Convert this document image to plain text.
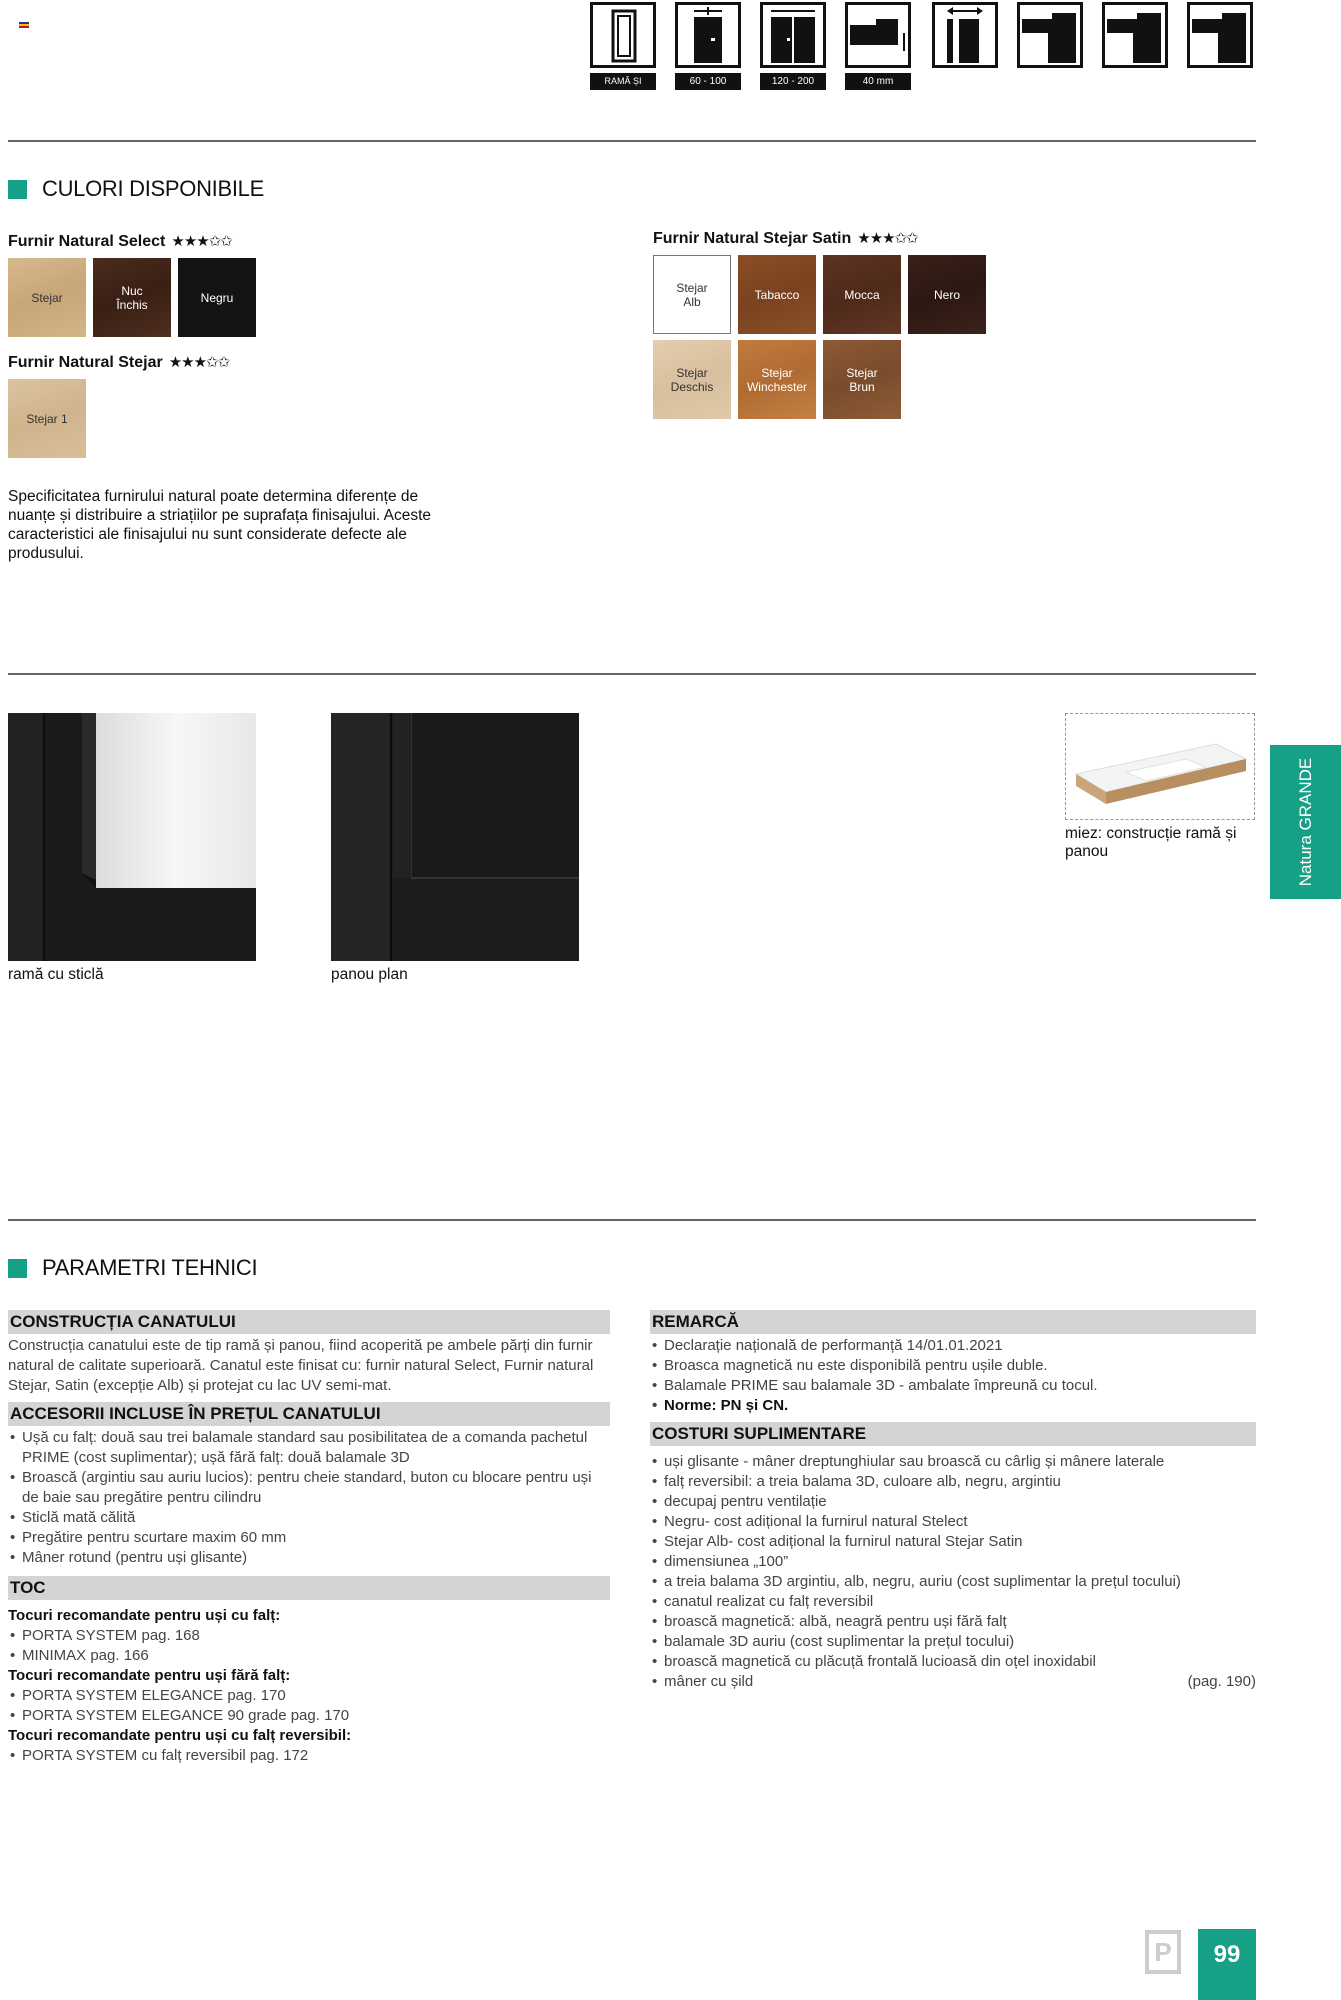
RAMĂ ȘI PANOU
60 - 100	120 - 200	40 mm
CULORI DISPONIBILE
Furnir Natural Select ★★★✩✩
Stejar	Nuc
Închis	Negru
Furnir Natural Stejar ★★★✩✩
Stejar 1
Furnir Natural Stejar Satin ★★★✩✩
Stejar
Alb	Tabacco	Mocca	Nero
Stejar
Deschis
Stejar
Winchester
Stejar
Brun
Specificitatea furnirului natural poate determina diferențe de nuanțe și distribuire a striațiilor pe suprafața finisajului. Aceste caracteristici ale finisajului nu sunt considerate defecte ale produsului.
ramă cu sticlă	panou plan
miez: construcție ramă și panou	Natura GRANDE
PARAMETRI TEHNICI
CONSTRUCȚIA CANATULUI
Construcția canatului este de tip ramă și panou, fiind acoperită pe ambele părți din furnir natural de calitate superioară. Canatul este finisat cu: furnir natural Select, Furnir natural Stejar, Satin (excepție Alb) și protejat cu lac UV semi-mat.
ACCESORII INCLUSE ÎN PREȚUL CANATULUI
• Ușă cu falț: două sau trei balamale standard sau posibilitatea de a comanda pachetul PRIME (cost suplimentar); ușă fără falț: două balamale 3D
• Broască (argintiu sau auriu lucios): pentru cheie standard, buton cu blocare pentru uși de baie sau pregătire pentru cilindru
• Sticlă mată călită
• Pregătire pentru scurtare maxim 60 mm
• Mâner rotund (pentru uși glisante)
TOC
Tocuri recomandate pentru uși cu falț:
• PORTA SYSTEM pag. 168
• MINIMAX pag. 166
Tocuri recomandate pentru uși fără falț:
• PORTA SYSTEM ELEGANCE pag. 170
• PORTA SYSTEM ELEGANCE 90 grade pag. 170
Tocuri recomandate pentru uși cu falț reversibil:
• PORTA SYSTEM cu falț reversibil pag. 172
REMARCĂ
• Declarație națională de performanță 14/01.01.2021
• Broasca magnetică nu este disponibilă pentru ușile duble.
• Balamale PRIME sau balamale 3D - ambalate împreună cu tocul.
• Norme: PN și CN.
COSTURI SUPLIMENTARE
• uși glisante - mâner dreptunghiular sau broască cu cârlig și mânere laterale
• falț reversibil: a treia balama 3D, culoare alb, negru, argintiu
• decupaj pentru ventilație
• Negru- cost adițional la furnirul natural Stelect
• Stejar Alb- cost adițional la furnirul natural Stejar Satin
• dimensiunea „100”
• a treia balama 3D argintiu, alb, negru, auriu (cost suplimentar la prețul tocului)
• canatul realizat cu falț reversibil
• broască magnetică: albă, neagră pentru uși fără falț
• balamale 3D auriu (cost suplimentar la prețul tocului)
• broască magnetică cu plăcuță frontală lucioasă din oțel inoxidabil
• mâner cu șild	(pag. 190)
P	99
